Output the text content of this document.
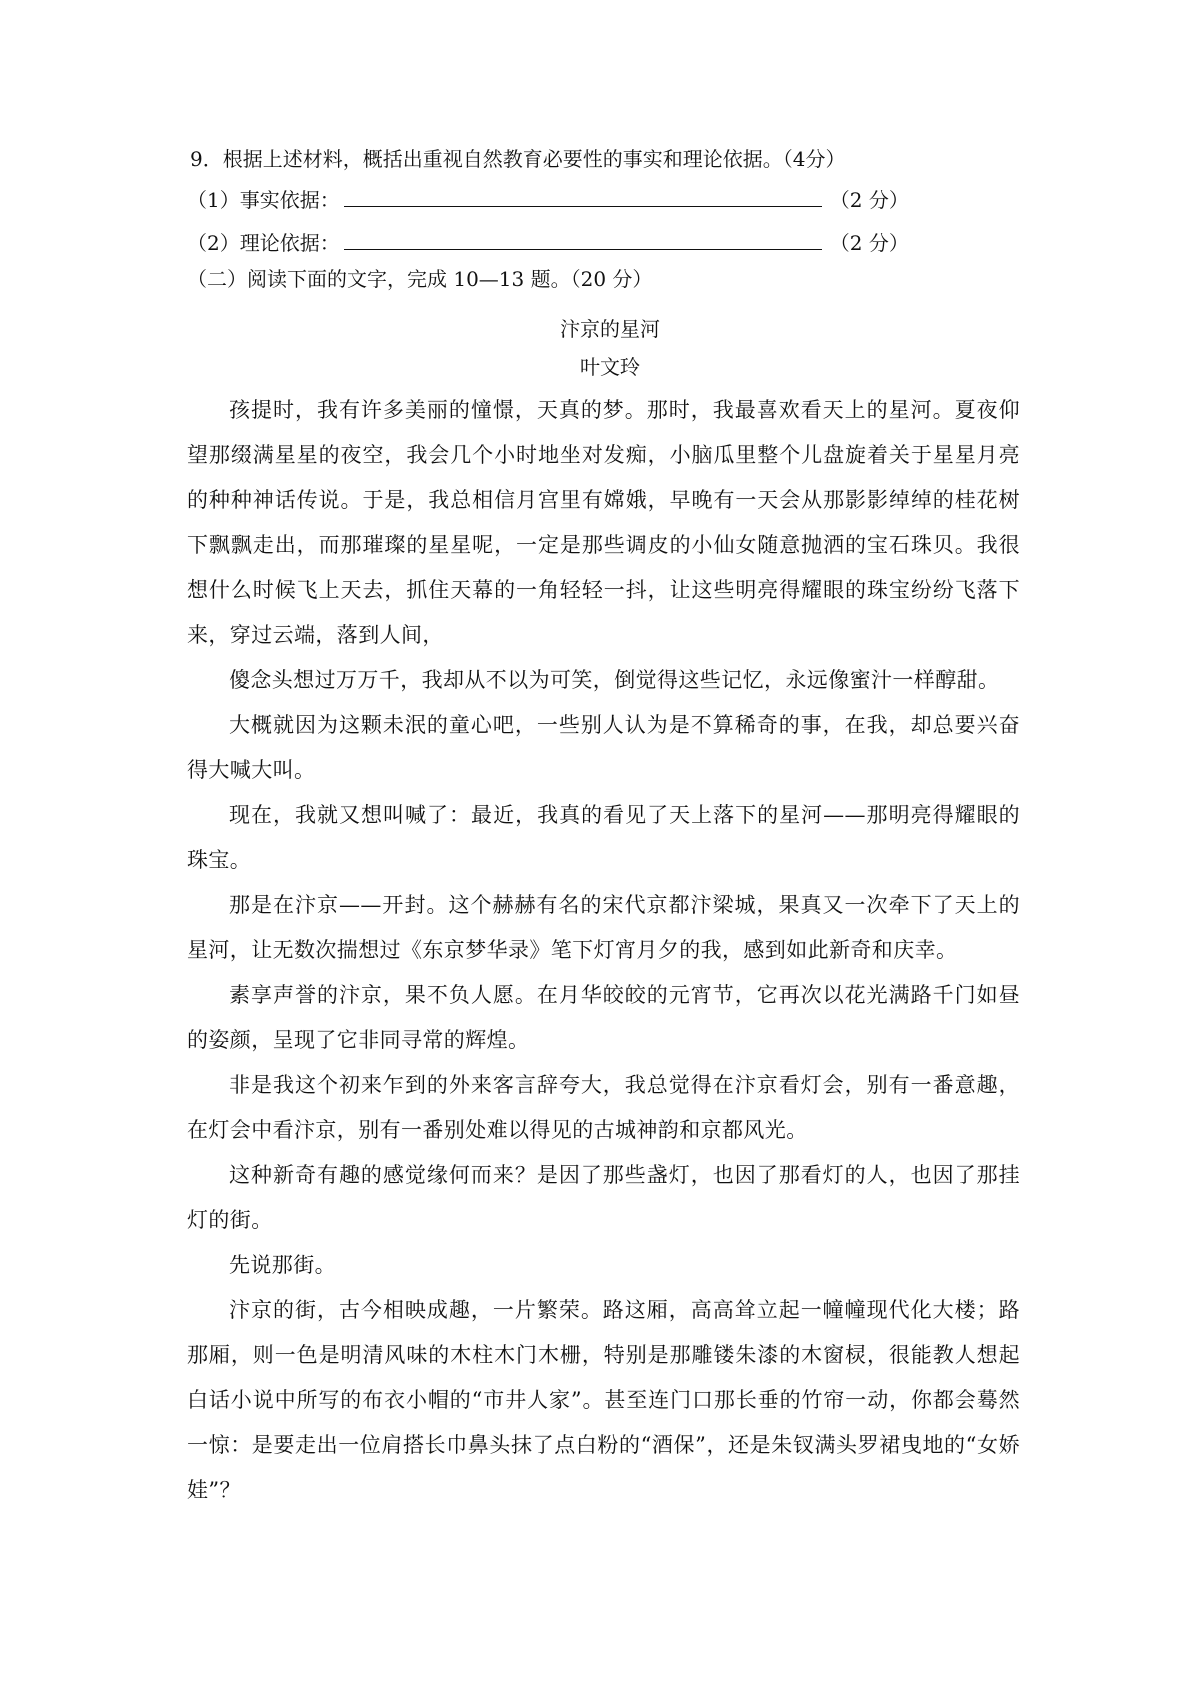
9．根据上述材料，概括出重视自然教育必要性的事实和理论依据。（4分）
（1）事实依据：	（2 分）
（2）理论依据：	（2 分）
（二）阅读下面的文字，完成 10—13 题。（20 分）
汴京的星河
叶文玲
孩提时，我有许多美丽的憧憬，天真的梦。那时，我最喜欢看天上的星河。夏夜仰望那缀满星星的夜空，我会几个小时地坐对发痴，小脑瓜里整个儿盘旋着关于星星月亮的种种神话传说。于是，我总相信月宫里有嫦娥，早晚有一天会从那影影绰绰的桂花树下飘飘走出，而那璀璨的星星呢，一定是那些调皮的小仙女随意抛洒的宝石珠贝。我很想什么时候飞上天去，抓住天幕的一角轻轻一抖，让这些明亮得耀眼的珠宝纷纷飞落下来，穿过云端，落到人间，
傻念头想过万万千，我却从不以为可笑，倒觉得这些记忆，永远像蜜汁一样醇甜。
大概就因为这颗未泯的童心吧，一些别人认为是不算稀奇的事，在我，却总要兴奋得大喊大叫。
现在，我就又想叫喊了：最近，我真的看见了天上落下的星河——那明亮得耀眼的珠宝。
那是在汴京——开封。这个赫赫有名的宋代京都汴梁城，果真又一次牵下了天上的星河，让无数次揣想过《东京梦华录》笔下灯宵月夕的我，感到如此新奇和庆幸。
素享声誉的汴京，果不负人愿。在月华皎皎的元宵节，它再次以花光满路千门如昼的姿颜，呈现了它非同寻常的辉煌。
非是我这个初来乍到的外来客言辞夸大，我总觉得在汴京看灯会，别有一番意趣，在灯会中看汴京，别有一番别处难以得见的古城神韵和京都风光。
这种新奇有趣的感觉缘何而来？是因了那些盏灯，也因了那看灯的人，也因了那挂灯的街。
先说那街。
汴京的街，古今相映成趣，一片繁荣。路这厢，高高耸立起一幢幢现代化大楼；路那厢，则一色是明清风味的木柱木门木栅，特别是那雕镂朱漆的木窗棂，很能教人想起白话小说中所写的布衣小帽的“市井人家”。甚至连门口那长垂的竹帘一动，你都会蓦然一惊：是要走出一位肩搭长巾鼻头抹了点白粉的“酒保”，还是朱钗满头罗裙曳地的“女娇娃”？
